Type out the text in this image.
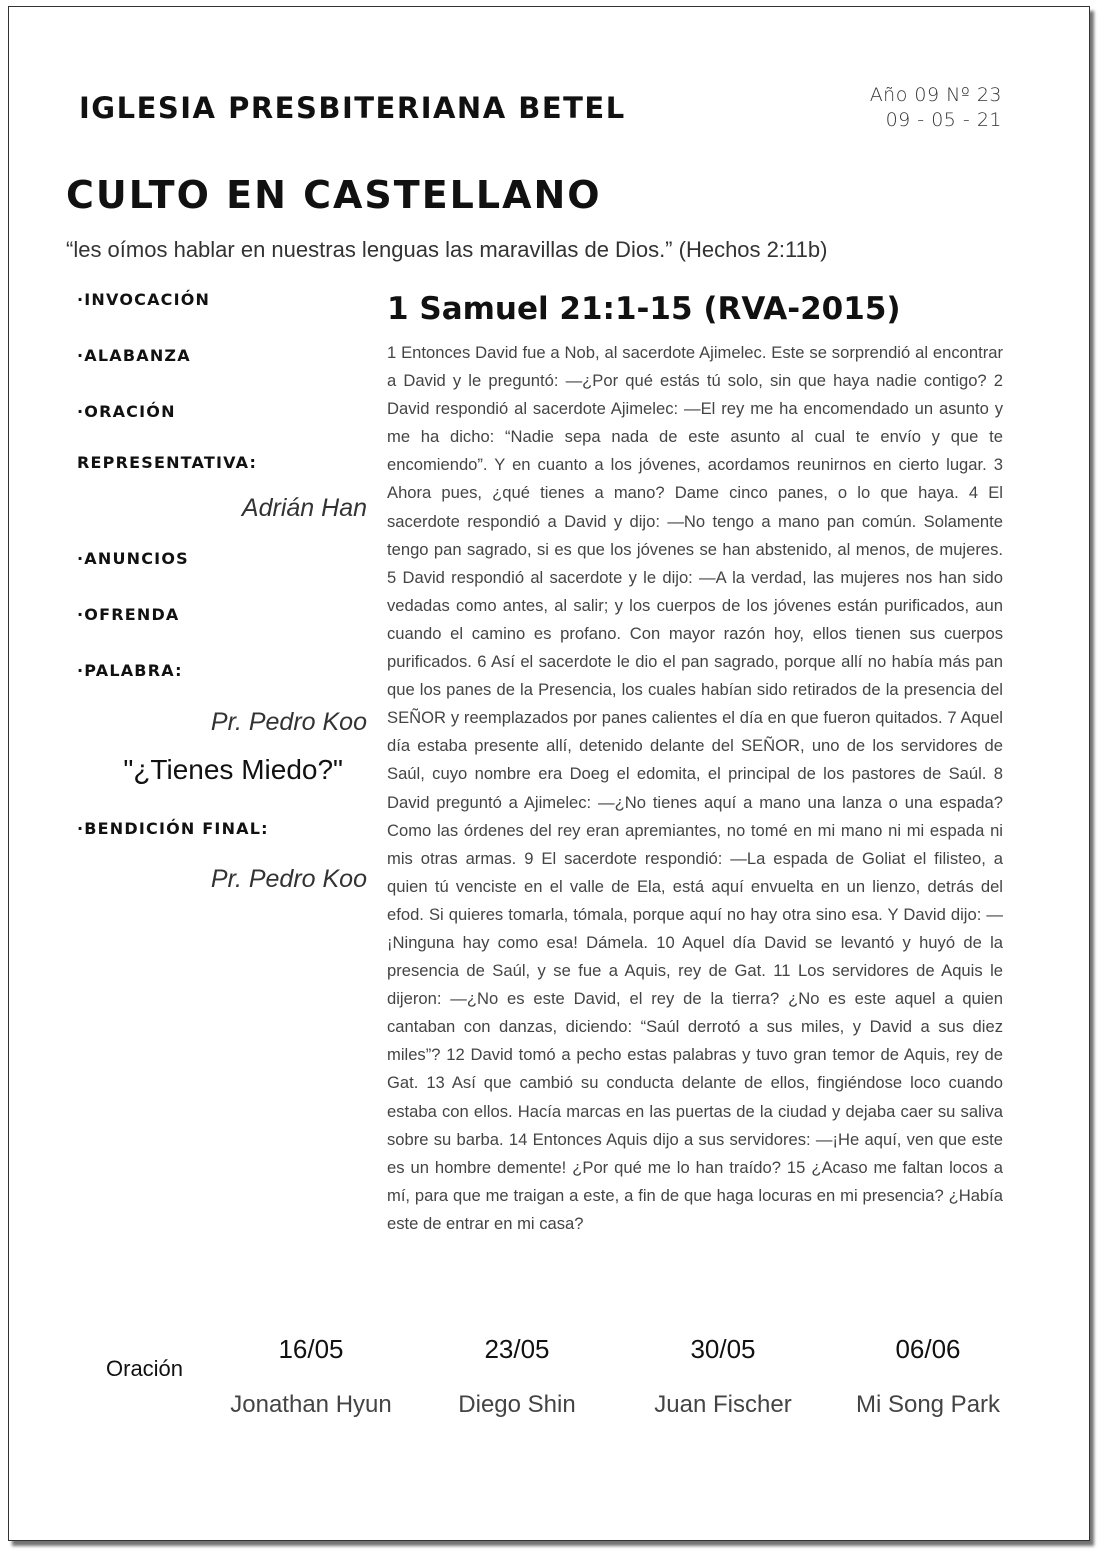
IGLESIA PRESBITERIANA BETEL	Año 09 Nº 23
09 - 05 - 21
CULTO EN CASTELLANO
“les oímos hablar en nuestras lenguas las maravillas de Dios.” (Hechos 2:11b)
·INVOCACIÓN
·ALABANZA
·ORACIÓN
REPRESENTATIVA:
Adrián Han
·ANUNCIOS
·OFRENDA
·PALABRA:
Pr. Pedro Koo
"¿Tienes Miedo?"
·BENDICIÓN FINAL:
Pr. Pedro Koo
1 Samuel 21:1-15 (RVA-2015)

1 Entonces David fue a Nob, al sacerdote Ajimelec. Este se sorprendió al encontrar a David y le preguntó: —¿Por qué estás tú solo, sin que haya nadie contigo? 2 David respondió al sacerdote Ajimelec: —El rey me ha encomendado un asunto y me ha dicho: “Nadie sepa nada de este asunto al cual te envío y que te encomiendo”. Y en cuanto a los jóvenes, acordamos reunirnos en cierto lugar. 3 Ahora pues, ¿qué tienes a mano? Dame cinco panes, o lo que haya. 4 El sacerdote respondió a David y dijo: —No tengo a mano pan común. Solamente tengo pan sagrado, si es que los jóvenes se han abstenido, al menos, de mujeres. 5 David respondió al sacerdote y le dijo: —A la verdad, las mujeres nos han sido vedadas como antes, al salir; y los cuerpos de los jóvenes están purificados, aun cuando el camino es profano. Con mayor razón hoy, ellos tienen sus cuerpos purificados. 6 Así el sacerdote le dio el pan sagrado, porque allí no había más pan que los panes de la Presencia, los cuales habían sido retirados de la presencia del SEÑOR y reemplazados por panes calientes el día en que fueron quitados. 7 Aquel día estaba presente allí, detenido delante del SEÑOR, uno de los servidores de Saúl, cuyo nombre era Doeg el edomita, el principal de los pastores de Saúl. 8 David preguntó a Ajimelec: —¿No tienes aquí a mano una lanza o una espada? Como las órdenes del rey eran apremiantes, no tomé en mi mano ni mi espada ni mis otras armas. 9 El sacerdote respondió: —La espada de Goliat el filisteo, a quien tú venciste en el valle de Ela, está aquí envuelta en un lienzo, detrás del efod. Si quieres tomarla, tómala, porque aquí no hay otra sino esa. Y David dijo: —¡Ninguna hay como esa! Dámela. 10 Aquel día David se levantó y huyó de la presencia de Saúl, y se fue a Aquis, rey de Gat. 11 Los servidores de Aquis le dijeron: —¿No es este David, el rey de la tierra? ¿No es este aquel a quien cantaban con danzas, diciendo: “Saúl derrotó a sus miles, y David a sus diez miles”? 12 David tomó a pecho estas palabras y tuvo gran temor de Aquis, rey de Gat. 13 Así que cambió su conducta delante de ellos, fingiéndose loco cuando estaba con ellos. Hacía marcas en las puertas de la ciudad y dejaba caer su saliva sobre su barba. 14 Entonces Aquis dijo a sus servidores: —¡He aquí, ven que este es un hombre demente! ¿Por qué me lo han traído? 15 ¿Acaso me faltan locos a mí, para que me traigan a este, a fin de que haga locuras en mi presencia? ¿Había este de entrar en mi casa?

Oración
16/05
Jonathan Hyun
23/05
Diego Shin
30/05
Juan Fischer
06/06
Mi Song Park
